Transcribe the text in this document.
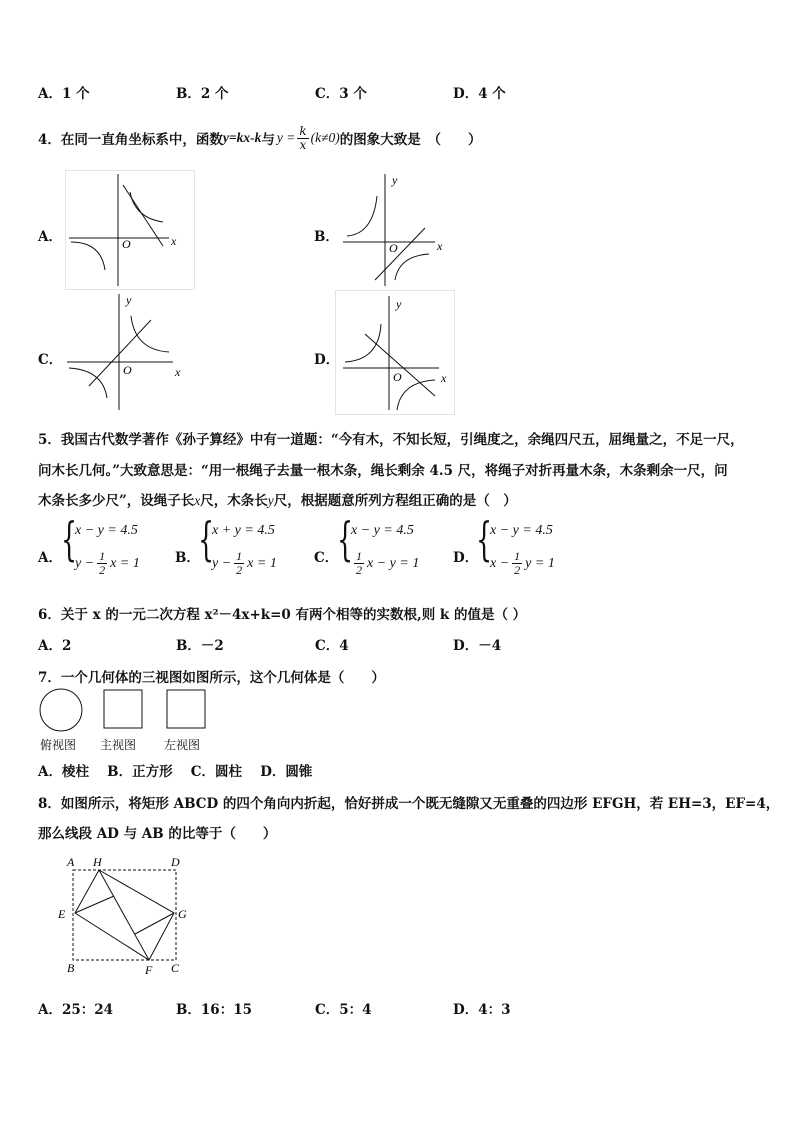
A．1 个	B．2 个	C．3 个	D．4 个
4．在同一直角坐标系中，函数 y=kx-k 与 $y = \frac{k}{x} (k\ne 0)$ 的图象大致是　（　　）
A．	B．
C．	D．
O	x	O	x
y
O	x
y
O	x
y
5．我国古代数学著作《孙子算经》中有一道题：“今有木，不知长短，引绳度之，余绳四尺五，屈绳量之，不足一尺，
问木长几何。”大致意思是：“用一根绳子去量一根木条，绳长剩余 4.5 尺，将绳子对折再量木条，木条剩余一尺，问
木条长多少尺”，设绳子长x尺，木条长y尺，根据题意所列方程组正确的是（　）
A． {
x − y = 4.5
$y - \frac{1}{2}$ x = 1	B．
{
x + y = 4.5
$y - \frac{1}{2}$ x = 1	C．
{
x − y = 4.5
$\frac{1}{2}$ x − y = 1 D．
{
x − y = 4.5
$x - \frac{1}{2}$ y = 1
6．关于 x 的一元二次方程 x²－4x+k=0 有两个相等的实数根,则 k 的值是（ ）
A．2	B．－2	C．4	D．－4
7．一个几何体的三视图如图所示，这个几何体是（　　）
俯视图 主视图 左视图
A．棱柱　 B．正方形　 C．圆柱　 D．圆锥
8．如图所示，将矩形 ABCD 的四个角向内折起，恰好拼成一个既无缝隙又无重叠的四边形 EFGH，若 EH=3，EF=4，
那么线段 AD 与 AB 的比等于（　　）
A H	D
E	G
B	F C
A．25：24	B．16：15	C．5：4	D．4：3
